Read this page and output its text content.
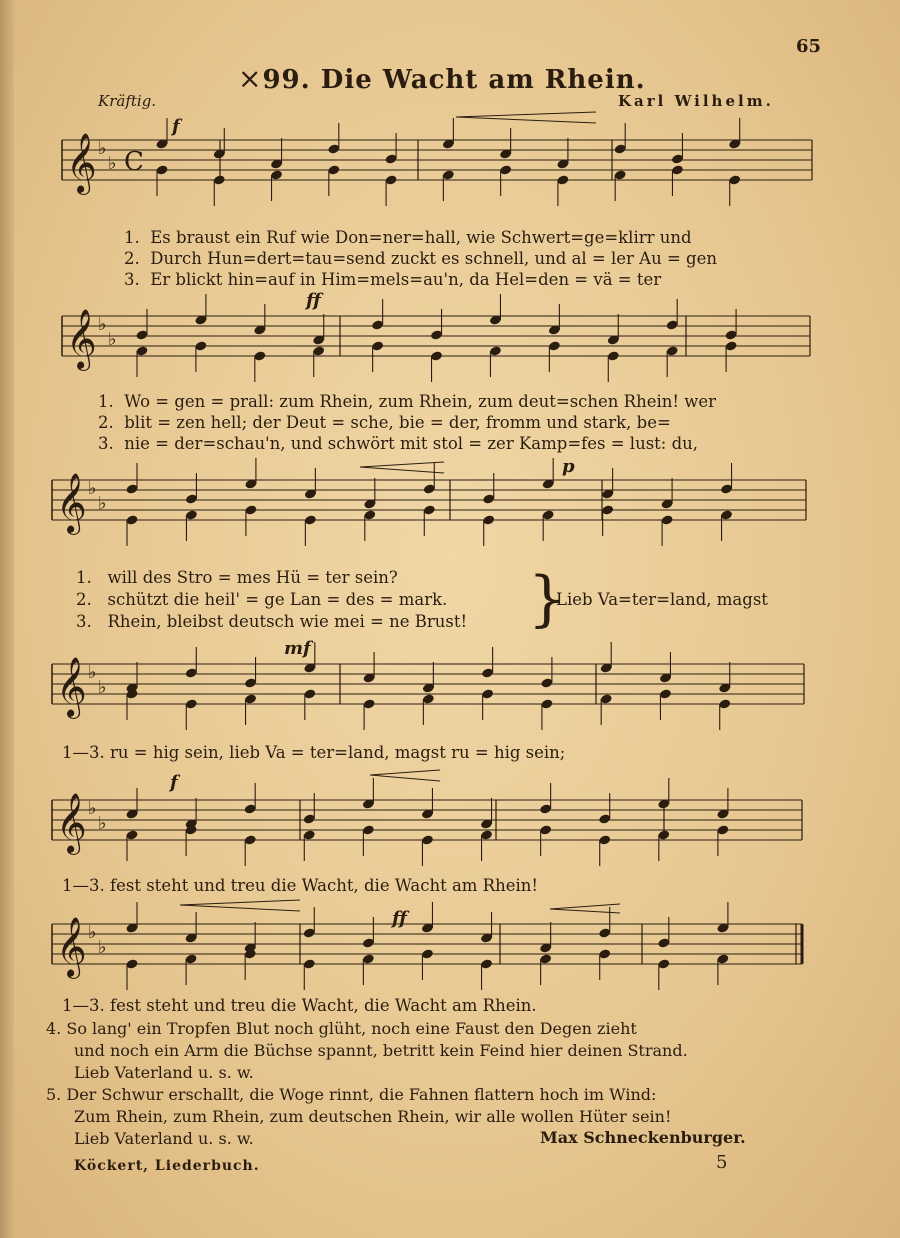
65
×99. Die Wacht am Rhein.
Kräftig.	Karl Wilhelm.
𝄞 ♭
♭ C
𝄞 ♭
♭
𝄞 ♭
♭
𝄞 ♭
♭
𝄞 ♭
♭
𝄞 ♭
♭
f
ff
p
mf
f
ff
1. Es braust ein Ruf wie Don=ner=hall, wie Schwert=ge=klirr und
2. Durch Hun=dert=tau=send zuckt es schnell, und al = ler Au = gen
3. Er blickt hin=auf in Him=mels=au'n, da Hel=den = vä = ter
1. Wo = gen = prall: zum Rhein, zum Rhein, zum deut=schen Rhein! wer
2. blit = zen hell; der Deut = sche, bie = der, fromm und stark, be=
3. nie = der=schau'n, und schwört mit stol = zer Kamp=fes = lust: du,
1. will des Stro = mes Hü = ter sein?
2. schützt die heil' = ge Lan = des = mark.
3. Rhein, bleibst deutsch wie mei = ne Brust! }
Lieb Va=ter=land, magst
1—3. ru = hig sein, lieb Va = ter=land, magst ru = hig sein;
1—3. fest steht und treu die Wacht, die Wacht am Rhein!
1—3. fest steht und treu die Wacht, die Wacht am Rhein.
4. So lang' ein Tropfen Blut noch glüht, noch eine Faust den Degen zieht
und noch ein Arm die Büchse spannt, betritt kein Feind hier deinen Strand.
Lieb Vaterland u. s. w.
5. Der Schwur erschallt, die Woge rinnt, die Fahnen flattern hoch im Wind:
Zum Rhein, zum Rhein, zum deutschen Rhein, wir alle wollen Hüter sein!
Lieb Vaterland u. s. w.	Max Schneckenburger.
Köckert, Liederbuch.	5
